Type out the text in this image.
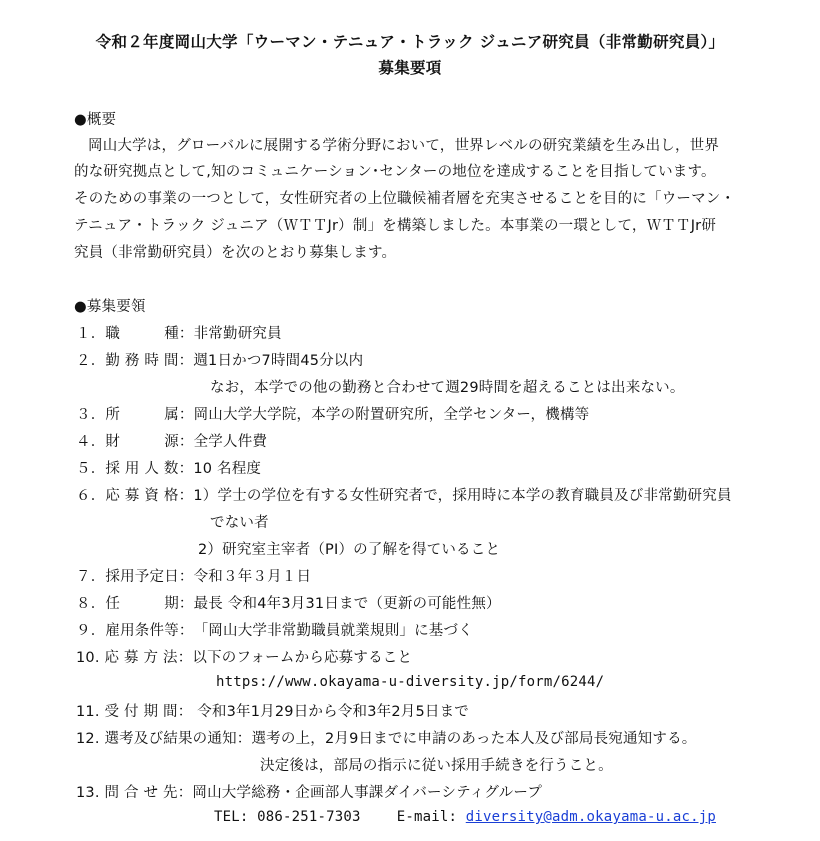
令和２年度岡山大学「ウーマン・テニュア・トラック ジュニア研究員（非常勤研究員）」
募集要項
●概要
岡山大学は，グローバルに展開する学術分野において，世界レベルの研究業績を生み出し，世界
的な研究拠点として,知のコミュニケーション･センターの地位を達成することを目指しています。
そのための事業の一つとして，女性研究者の上位職候補者層を充実させることを目的に「ウーマン・
テニュア・トラック ジュニア（ＷＴＴJr）制」を構築しました。本事業の一環として，ＷＴＴJr研
究員（非常勤研究員）を次のとおり募集します。
●募集要領
１．職　　　種：非常勤研究員
２．勤 務 時 間：週1日かつ7時間45分以内
なお，本学での他の勤務と合わせて週29時間を超えることは出来ない。
３．所　　　属：岡山大学大学院，本学の附置研究所，全学センター，機構等
４．財　　　源：全学人件費
５．採 用 人 数：10 名程度
６．応 募 資 格：1）学士の学位を有する女性研究者で，採用時に本学の教育職員及び非常勤研究員
でない者
2）研究室主宰者（PI）の了解を得ていること
７．採用予定日：令和３年３月１日
８．任　　　期：最長 令和4年3月31日まで（更新の可能性無）
９．雇用条件等：「岡山大学非常勤職員就業規則」に基づく
10. 応 募 方 法：以下のフォームから応募すること
https://www.okayama-u-diversity.jp/form/6244/
11. 受 付 期 間： 令和3年1月29日から令和3年2月5日まで
12. 選考及び結果の通知：選考の上，2月9日までに申請のあった本人及び部局長宛通知する。
決定後は，部局の指示に従い採用手続きを行うこと。
13. 問 合 せ 先：岡山大学総務・企画部人事課ダイバーシティグループ
TEL: 086-251-7303	E-mail: diversity@adm.okayama-u.ac.jp
